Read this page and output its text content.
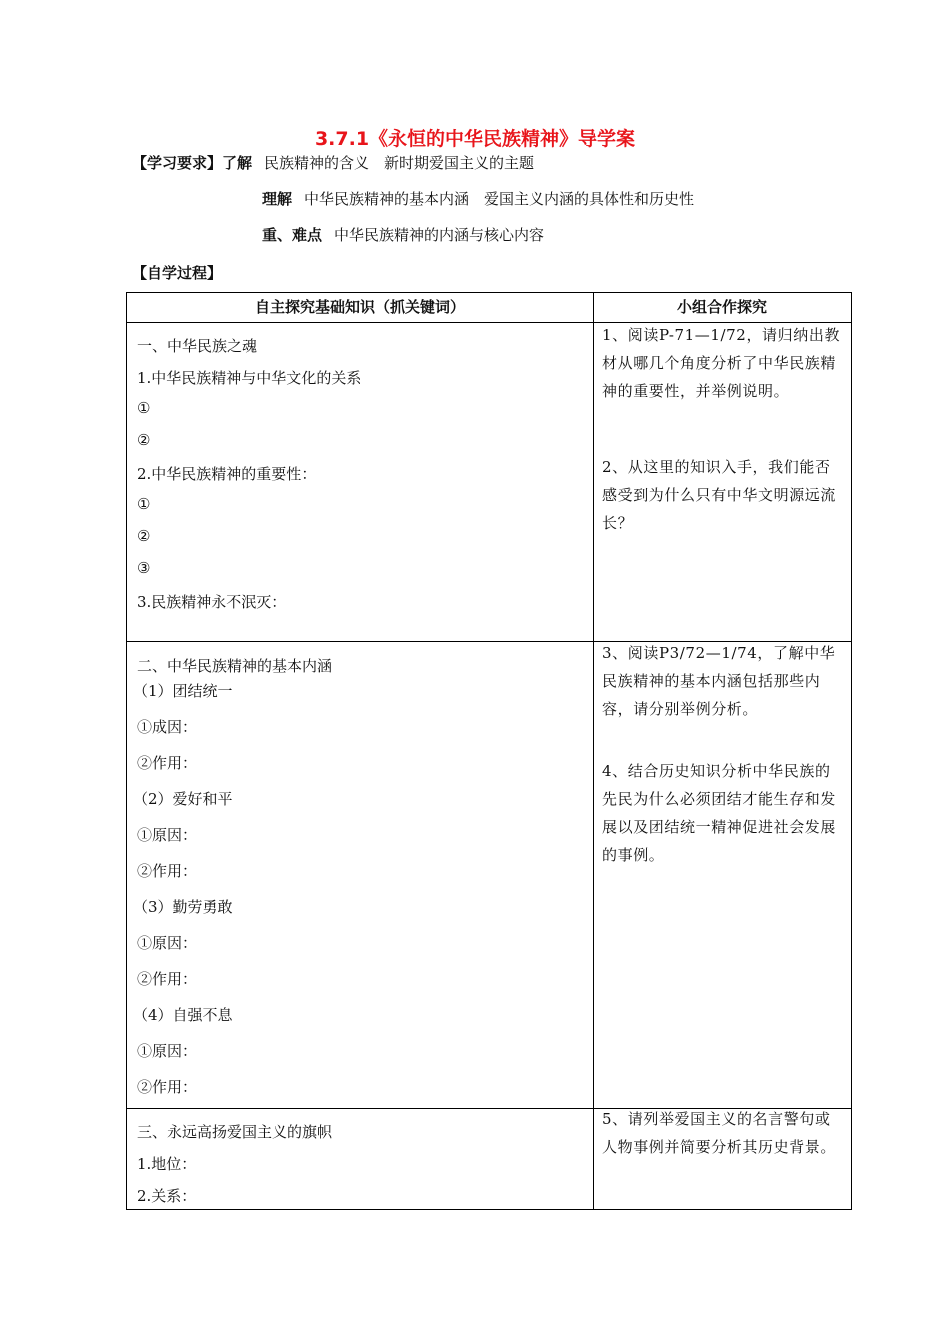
3.7.1《永恒的中华民族精神》导学案
【学习要求】了解 民族精神的含义　新时期爱国主义的主题
理解 中华民族精神的基本内涵　爱国主义内涵的具体性和历史性
重、难点 中华民族精神的内涵与核心内容
【自学过程】
自主探究基础知识（抓关键词）	小组合作探究
一、中华民族之魂
1.中华民族精神与中华文化的关系
①
②
2.中华民族精神的重要性：
①
②
③
3.民族精神永不泯灭：
二、中华民族精神的基本内涵
（1）团结统一
①成因：
②作用：
（2）爱好和平
①原因：
②作用：
（3）勤劳勇敢
①原因：
②作用：
（4）自强不息
①原因：
②作用：
三、永远高扬爱国主义的旗帜
1.地位：
2.关系：
1、阅读P-71—1/72，请归纳出教材从哪几个角度分析了中华民族精神的重要性，并举例说明。
2、从这里的知识入手，我们能否感受到为什么只有中华文明源远流长？
3、阅读P3/72—1/74，了解中华民族精神的基本内涵包括那些内容，请分别举例分析。
4、结合历史知识分析中华民族的先民为什么必须团结才能生存和发展以及团结统一精神促进社会发展的事例。
5、请列举爱国主义的名言警句或人物事例并简要分析其历史背景。
